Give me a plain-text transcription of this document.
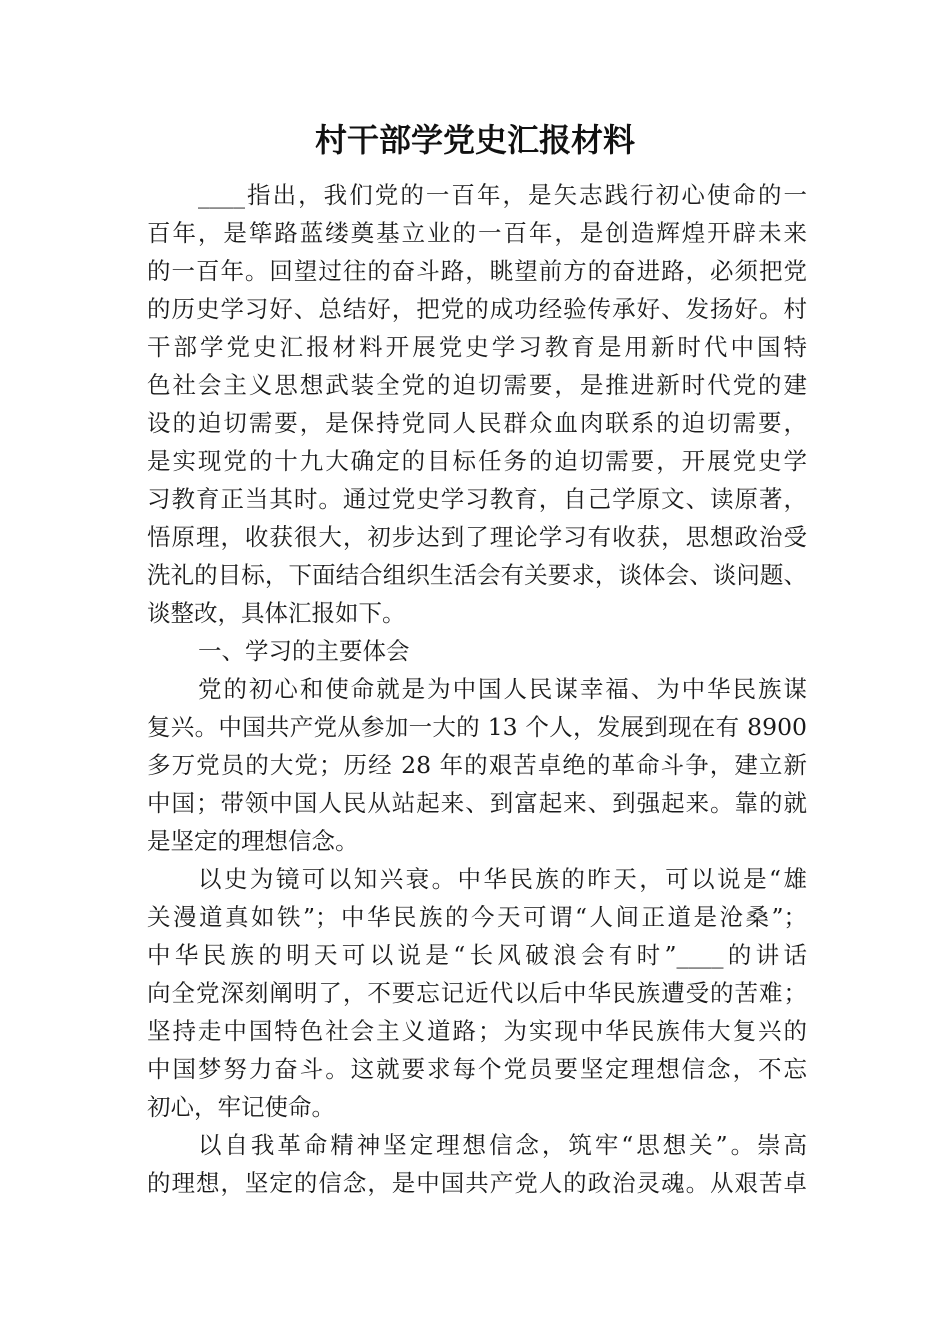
村干部学党史汇报材料
____指出，我们党的一百年，是矢志践行初心使命的一
百年，是筚路蓝缕奠基立业的一百年，是创造辉煌开辟未来
的一百年。回望过往的奋斗路，眺望前方的奋进路，必须把党
的历史学习好、总结好，把党的成功经验传承好、发扬好。村
干部学党史汇报材料开展党史学习教育是用新时代中国特
色社会主义思想武装全党的迫切需要，是推进新时代党的建
设的迫切需要，是保持党同人民群众血肉联系的迫切需要，
是实现党的十九大确定的目标任务的迫切需要，开展党史学
习教育正当其时。通过党史学习教育，自己学原文、读原著，
悟原理，收获很大，初步达到了理论学习有收获，思想政治受
洗礼的目标，下面结合组织生活会有关要求，谈体会、谈问题、
谈整改，具体汇报如下。
一、学习的主要体会
党的初心和使命就是为中国人民谋幸福、为中华民族谋
复兴。中国共产党从参加一大的 13 个人，发展到现在有 8900
多万党员的大党；历经 28 年的艰苦卓绝的革命斗争，建立新
中国；带领中国人民从站起来、到富起来、到强起来。靠的就
是坚定的理想信念。
以史为镜可以知兴衰。中华民族的昨天，可以说是“雄
关漫道真如铁”；中华民族的今天可谓“人间正道是沧桑”；
中华民族的明天可以说是“长风破浪会有时”____的讲话
向全党深刻阐明了，不要忘记近代以后中华民族遭受的苦难；
坚持走中国特色社会主义道路；为实现中华民族伟大复兴的
中国梦努力奋斗。这就要求每个党员要坚定理想信念，不忘
初心，牢记使命。
以自我革命精神坚定理想信念，筑牢“思想关”。崇高
的理想，坚定的信念，是中国共产党人的政治灵魂。从艰苦卓
